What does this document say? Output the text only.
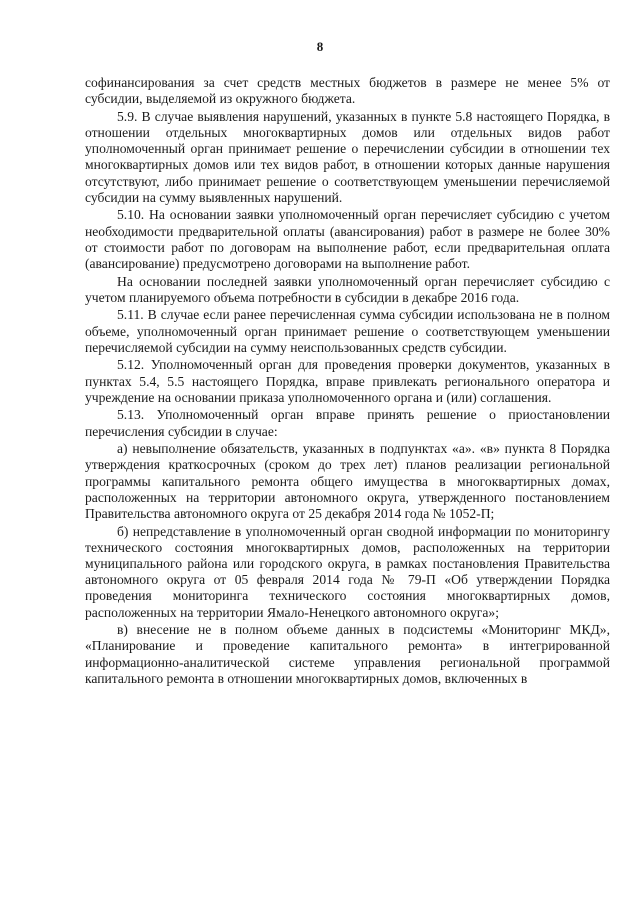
8

софинансирования за счет средств местных бюджетов в размере не менее 5% от субсидии, выделяемой из окружного бюджета.

5.9. В случае выявления нарушений, указанных в пункте 5.8 настоящего Порядка, в отношении отдельных многоквартирных домов или отдельных видов работ уполномоченный орган принимает решение о перечислении субсидии в отношении тех многоквартирных домов или тех видов работ, в отношении которых данные нарушения отсутствуют, либо принимает решение о соответствующем уменьшении перечисляемой субсидии на сумму выявленных нарушений.

5.10. На основании заявки уполномоченный орган перечисляет субсидию с учетом необходимости предварительной оплаты (авансирования) работ в размере не более 30% от стоимости работ по договорам на выполнение работ, если предварительная оплата (авансирование) предусмотрено договорами на выполнение работ.

На основании последней заявки уполномоченный орган перечисляет субсидию с учетом планируемого объема потребности в субсидии в декабре 2016 года.

5.11. В случае если ранее перечисленная сумма субсидии использована не в полном объеме, уполномоченный орган принимает решение о соответствующем уменьшении перечисляемой субсидии на сумму неиспользованных средств субсидии.

5.12. Уполномоченный орган для проведения проверки документов, указанных в пунктах 5.4, 5.5 настоящего Порядка, вправе привлекать регионального оператора и учреждение на основании приказа уполномоченного органа и (или) соглашения.

5.13. Уполномоченный орган вправе принять решение о приостановлении перечисления субсидии в случае:

а) невыполнение обязательств, указанных в подпунктах «а». «в» пункта 8 Порядка утверждения краткосрочных (сроком до трех лет) планов реализации региональной программы капитального ремонта общего имущества в многоквартирных домах, расположенных на территории автономного округа, утвержденного постановлением Правительства автономного округа от 25 декабря 2014 года № 1052-П;

б) непредставление в уполномоченный орган сводной информации по мониторингу технического состояния многоквартирных домов, расположенных на территории муниципального района или городского округа, в рамках постановления Правительства автономного округа от 05 февраля 2014 года № 79-П «Об утверждении Порядка проведения мониторинга технического состояния многоквартирных домов, расположенных на территории Ямало-Ненецкого автономного округа»;

в) внесение не в полном объеме данных в подсистемы «Мониторинг МКД», «Планирование и проведение капитального ремонта» в интегрированной информационно-аналитической системе управления региональной программой капитального ремонта в отношении многоквартирных домов, включенных в
